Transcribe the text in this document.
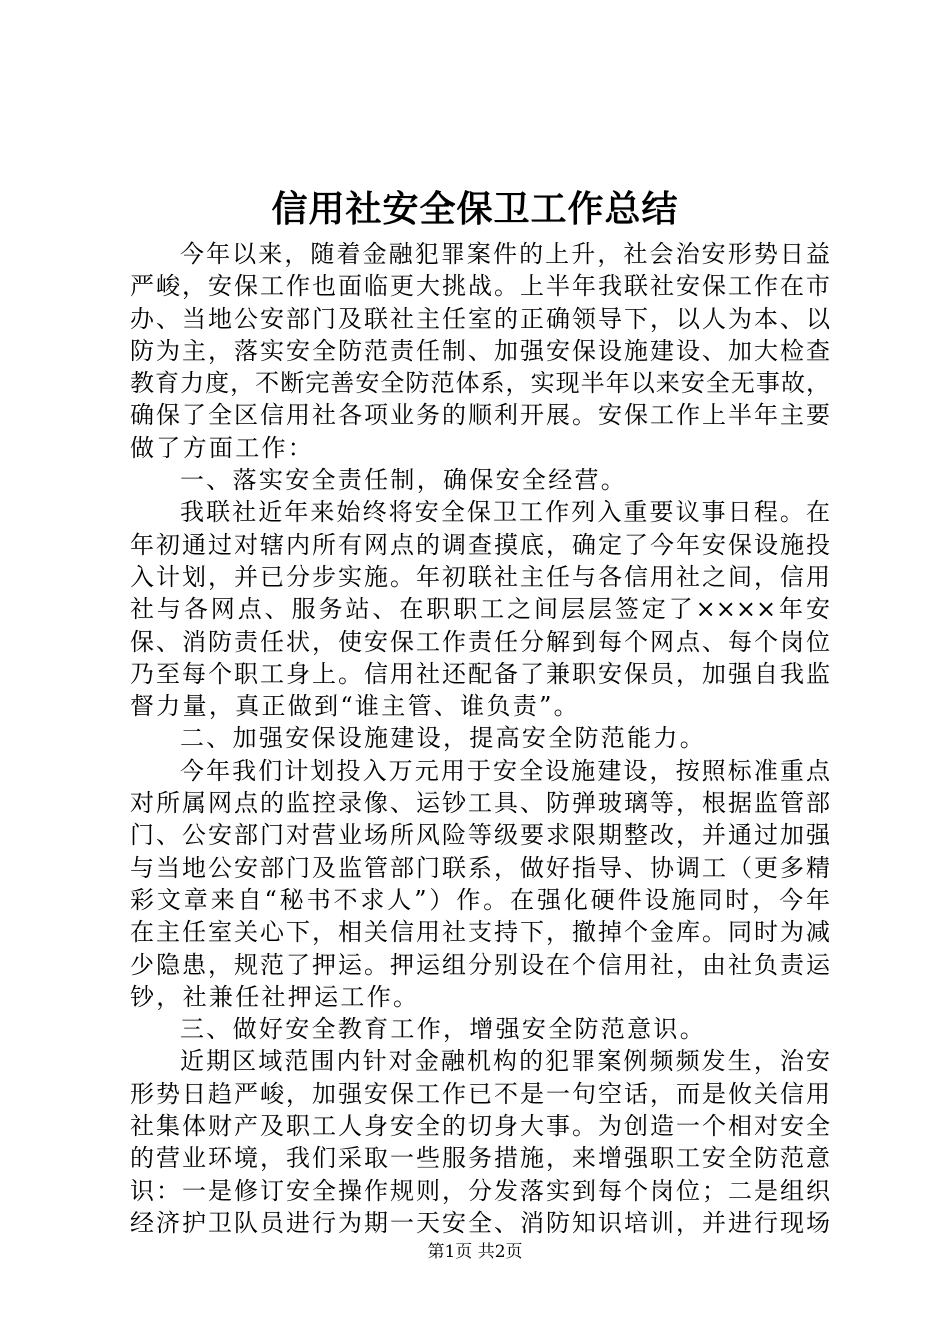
信用社安全保卫工作总结
今年以来，随着金融犯罪案件的上升，社会治安形势日益
严峻，安保工作也面临更大挑战。上半年我联社安保工作在市
办、当地公安部门及联社主任室的正确领导下，以人为本、以
防为主，落实安全防范责任制、加强安保设施建设、加大检查
教育力度，不断完善安全防范体系，实现半年以来安全无事故，
确保了全区信用社各项业务的顺利开展。安保工作上半年主要
做了方面工作：
一、落实安全责任制，确保安全经营。
我联社近年来始终将安全保卫工作列入重要议事日程。在
年初通过对辖内所有网点的调查摸底，确定了今年安保设施投
入计划，并已分步实施。年初联社主任与各信用社之间，信用
社与各网点、服务站、在职职工之间层层签定了××××年安
保、消防责任状，使安保工作责任分解到每个网点、每个岗位
乃至每个职工身上。信用社还配备了兼职安保员，加强自我监
督力量，真正做到“谁主管、谁负责”。
二、加强安保设施建设，提高安全防范能力。
今年我们计划投入万元用于安全设施建设，按照标准重点
对所属网点的监控录像、运钞工具、防弹玻璃等，根据监管部
门、公安部门对营业场所风险等级要求限期整改，并通过加强
与当地公安部门及监管部门联系，做好指导、协调工（更多精
彩文章来自“秘书不求人”）作。在强化硬件设施同时，今年
在主任室关心下，相关信用社支持下，撤掉个金库。同时为减
少隐患，规范了押运。押运组分别设在个信用社，由社负责运
钞，社兼任社押运工作。
三、做好安全教育工作，增强安全防范意识。
近期区域范围内针对金融机构的犯罪案例频频发生，治安
形势日趋严峻，加强安保工作已不是一句空话，而是攸关信用
社集体财产及职工人身安全的切身大事。为创造一个相对安全
的营业环境，我们采取一些服务措施，来增强职工安全防范意
识：一是修订安全操作规则，分发落实到每个岗位；二是组织
经济护卫队员进行为期一天安全、消防知识培训，并进行现场
第1页 共2页
